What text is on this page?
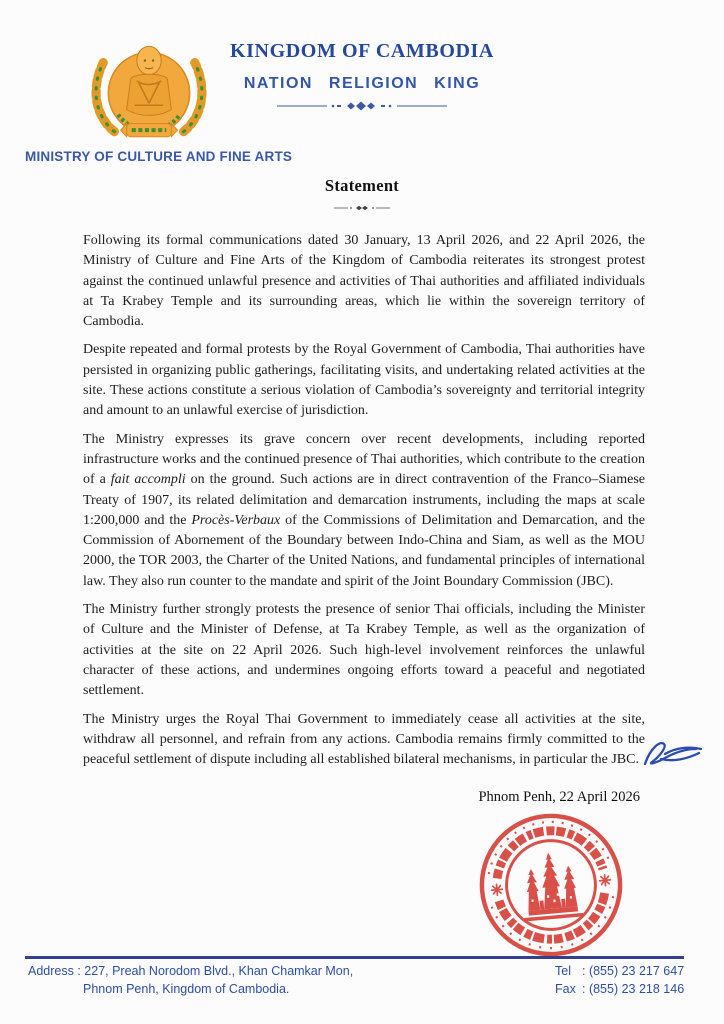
KINGDOM OF CAMBODIA
NATION RELIGION KING
MINISTRY OF CULTURE AND FINE ARTS
Statement

Following its formal communications dated 30 January, 13 April 2026, and 22 April 2026, the Ministry of Culture and Fine Arts of the Kingdom of Cambodia reiterates its strongest protest against the continued unlawful presence and activities of Thai authorities and affiliated individuals at Ta Krabey Temple and its surrounding areas, which lie within the sovereign territory of Cambodia.

Despite repeated and formal protests by the Royal Government of Cambodia, Thai authorities have persisted in organizing public gatherings, facilitating visits, and undertaking related activities at the site. These actions constitute a serious violation of Cambodia’s sovereignty and territorial integrity and amount to an unlawful exercise of jurisdiction.

The Ministry expresses its grave concern over recent developments, including reported infrastructure works and the continued presence of Thai authorities, which contribute to the creation of a fait accompli on the ground. Such actions are in direct contravention of the Franco–Siamese Treaty of 1907, its related delimitation and demarcation instruments, including the maps at scale 1:200,000 and the Procès-Verbaux of the Commissions of Delimitation and Demarcation, and the Commission of Abornement of the Boundary between Indo-China and Siam, as well as the MOU 2000, the TOR 2003, the Charter of the United Nations, and fundamental principles of international law. They also run counter to the mandate and spirit of the Joint Boundary Commission (JBC).

The Ministry further strongly protests the presence of senior Thai officials, including the Minister of Culture and the Minister of Defense, at Ta Krabey Temple, as well as the organization of activities at the site on 22 April 2026. Such high-level involvement reinforces the unlawful character of these actions, and undermines ongoing efforts toward a peaceful and negotiated settlement.

The Ministry urges the Royal Thai Government to immediately cease all activities at the site, withdraw all personnel, and refrain from any actions. Cambodia remains firmly committed to the peaceful settlement of dispute including all established bilateral mechanisms, in particular the JBC.

Phnom Penh, 22 April 2026
Address : 227, Preah Norodom Blvd., Khan Chamkar Mon,
Phnom Penh, Kingdom of Cambodia.
Tel : (855) 23 217 647
Fax : (855) 23 218 146
